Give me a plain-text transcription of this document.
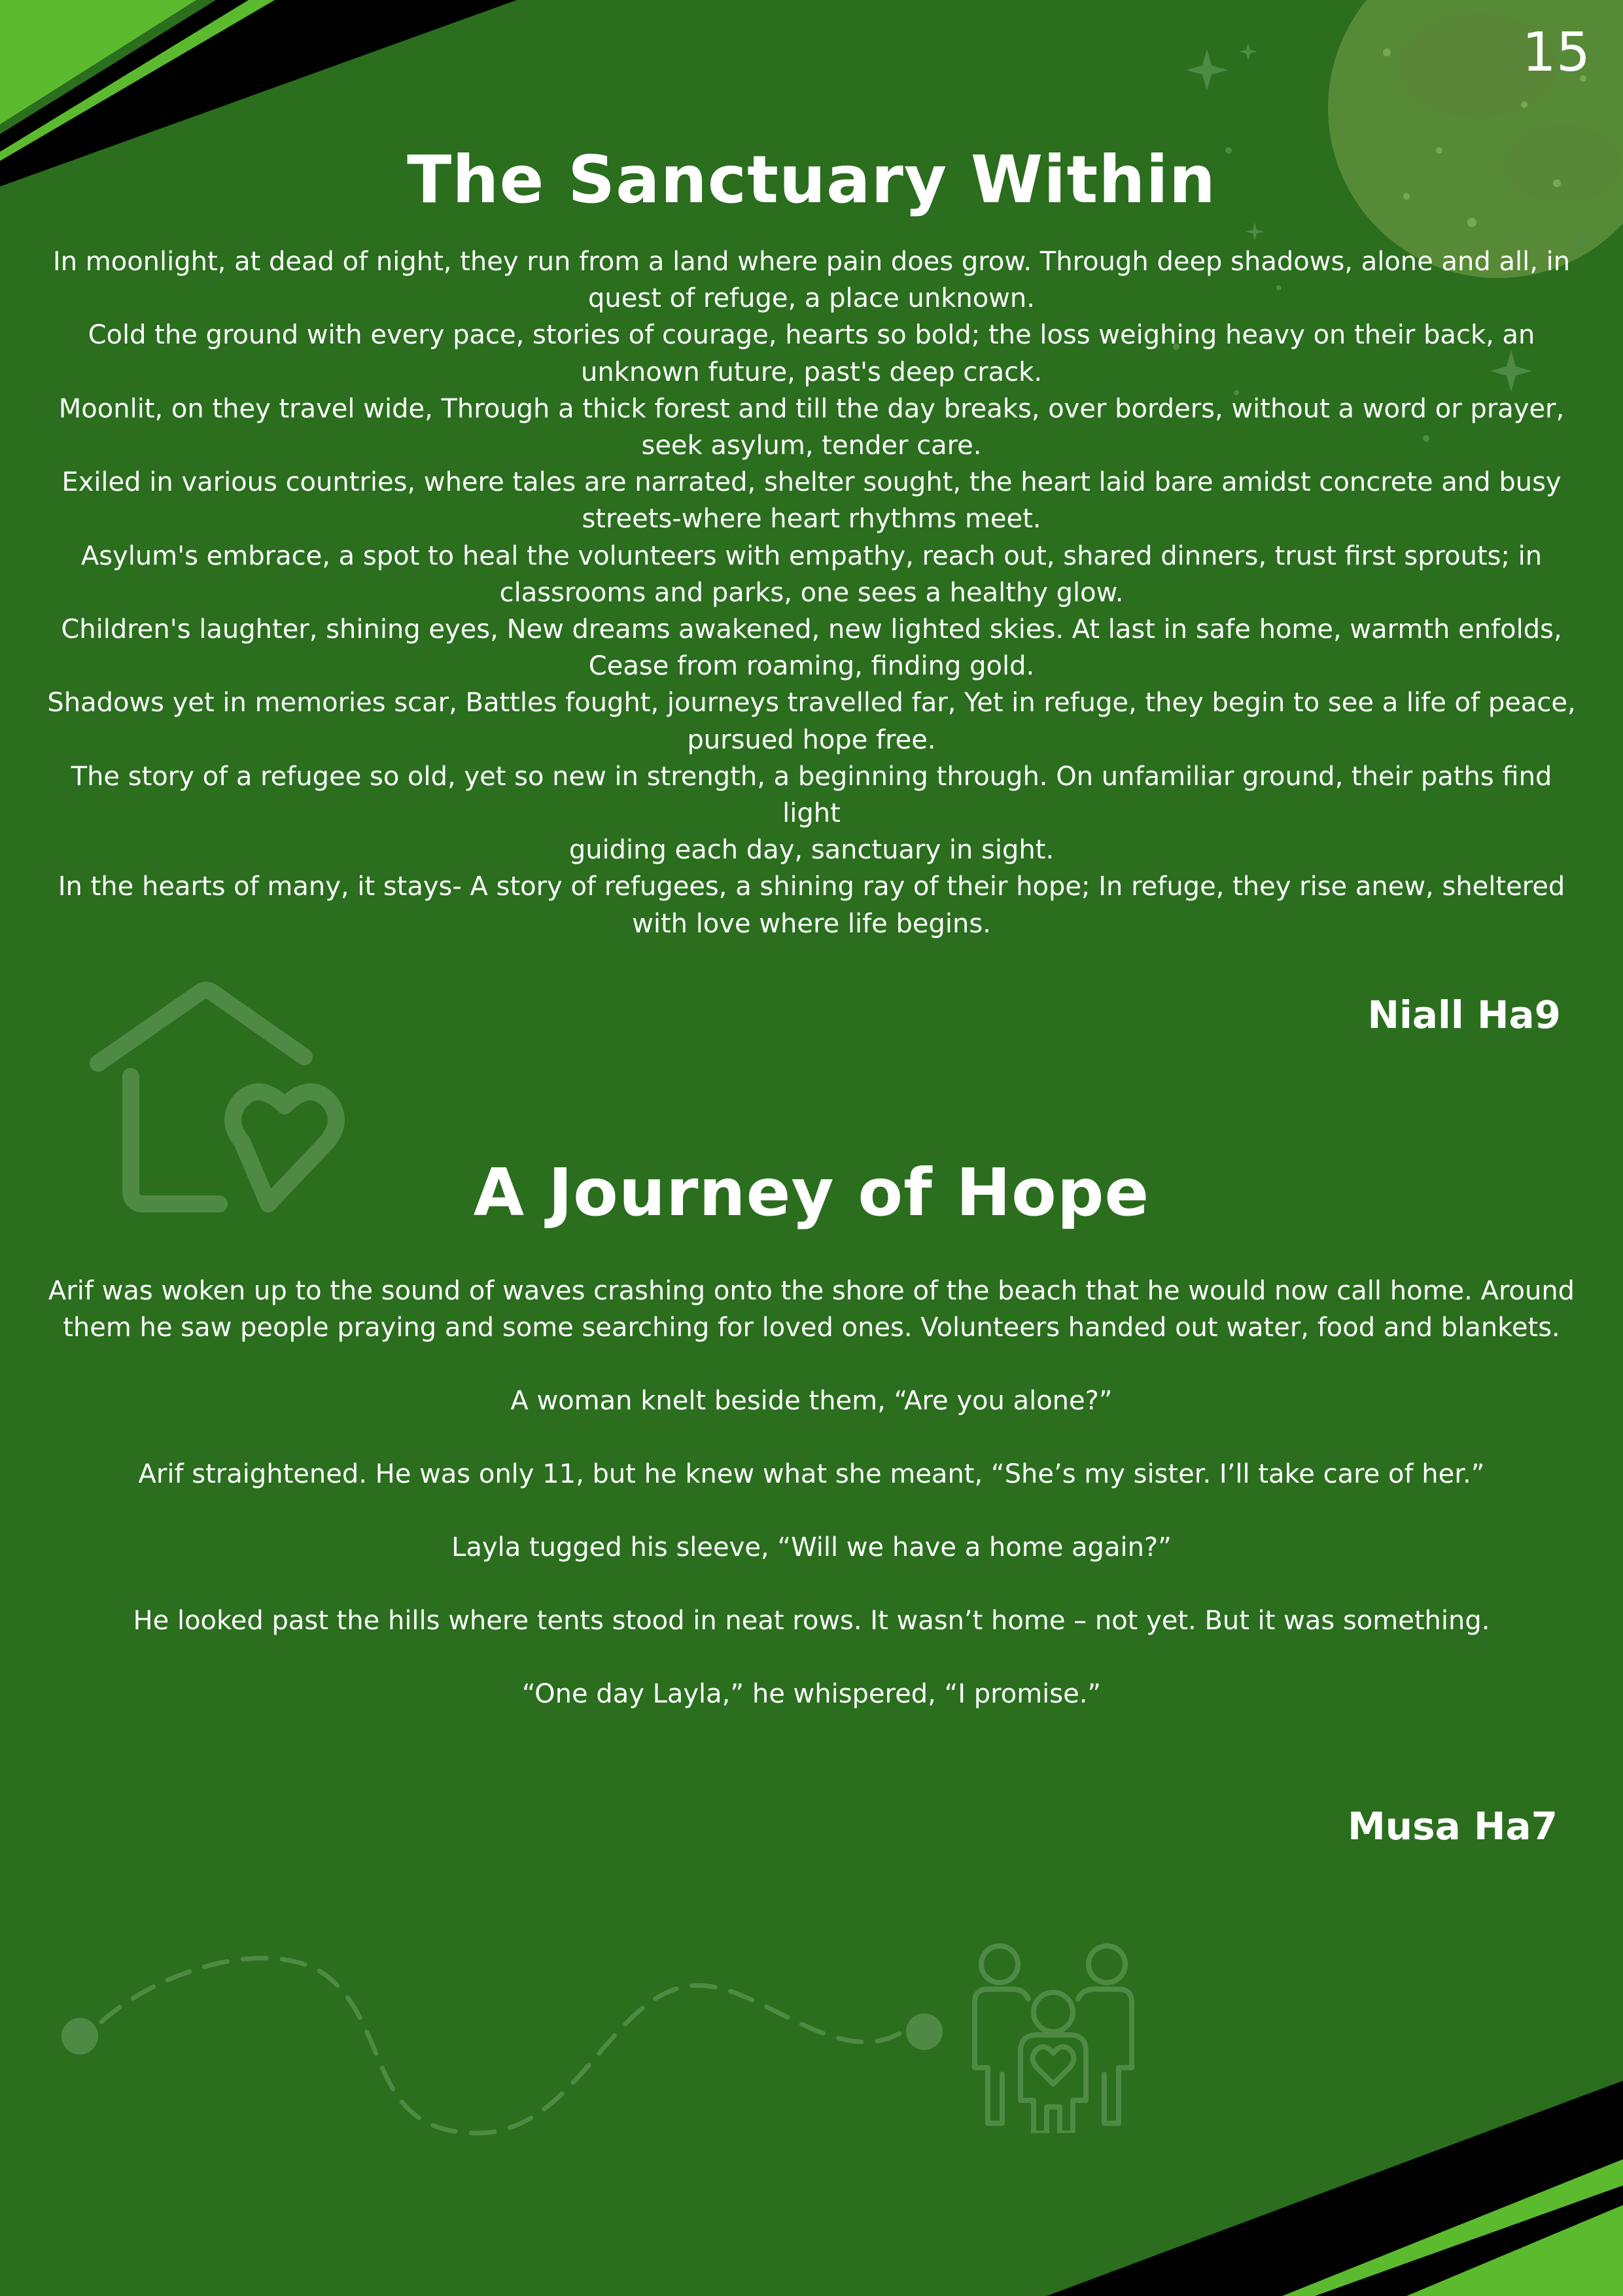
15
The Sanctuary Within
In moonlight, at dead of night, they run from a land where pain does grow. Through deep shadows, alone and all, in
quest of refuge, a place unknown.
Cold the ground with every pace, stories of courage, hearts so bold; the loss weighing heavy on their back, an
unknown future, past's deep crack.
Moonlit, on they travel wide, Through a thick forest and till the day breaks, over borders, without a word or prayer,
seek asylum, tender care.
Exiled in various countries, where tales are narrated, shelter sought, the heart laid bare amidst concrete and busy
streets-where heart rhythms meet.
Asylum's embrace, a spot to heal the volunteers with empathy, reach out, shared dinners, trust first sprouts; in
classrooms and parks, one sees a healthy glow.
Children's laughter, shining eyes, New dreams awakened, new lighted skies. At last in safe home, warmth enfolds,
Cease from roaming, finding gold.
Shadows yet in memories scar, Battles fought, journeys travelled far, Yet in refuge, they begin to see a life of peace,
pursued hope free.
The story of a refugee so old, yet so new in strength, a beginning through. On unfamiliar ground, their paths find light
guiding each day, sanctuary in sight.
In the hearts of many, it stays- A story of refugees, a shining ray of their hope; In refuge, they rise anew, sheltered
with love where life begins.
Niall Ha9
A Journey of Hope
Arif was woken up to the sound of waves crashing onto the shore of the beach that he would now call home. Around them he saw people praying and some searching for loved ones. Volunteers handed out water, food and blankets.
A woman knelt beside them, “Are you alone?”
Arif straightened. He was only 11, but he knew what she meant, “She’s my sister. I’ll take care of her.”
Layla tugged his sleeve, “Will we have a home again?”
He looked past the hills where tents stood in neat rows. It wasn’t home – not yet. But it was something.
“One day Layla,” he whispered, “I promise.”
Musa Ha7
